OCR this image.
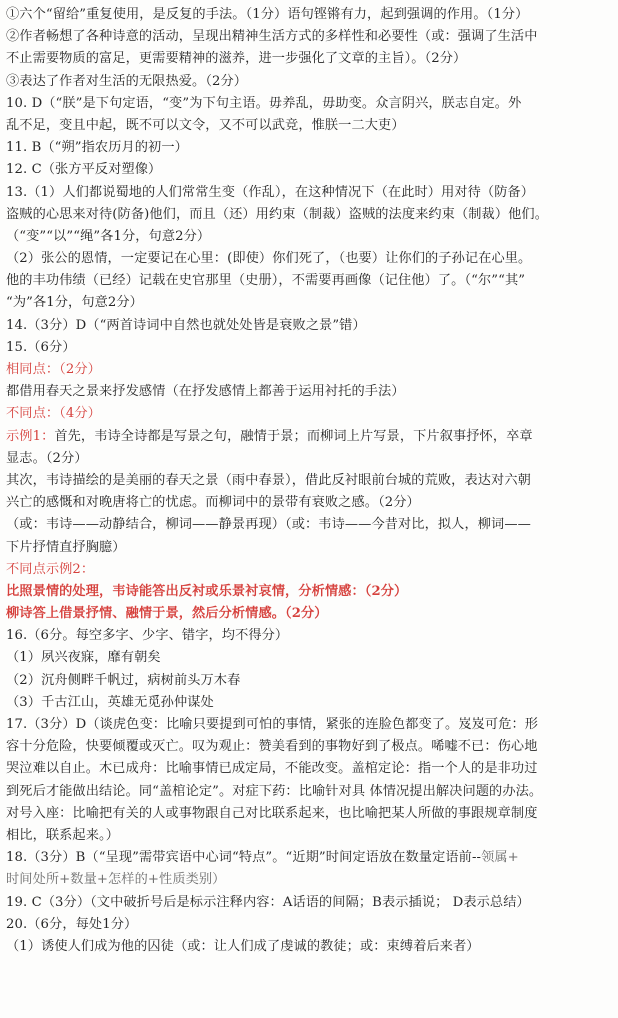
①六个“留给”重复使用，是反复的手法。（1分）语句铿锵有力，起到强调的作用。（1分）
②作者畅想了各种诗意的活动，呈现出精神生活方式的多样性和必要性（或：强调了生活中
不止需要物质的富足，更需要精神的滋养，进一步强化了文章的主旨）。（2分）
③表达了作者对生活的无限热爱。（2分）
10. D（“朕”是下句定语，“变”为下句主语。毋养乱，毋助变。众言阴兴，朕志自定。外
乱不足，变且中起，既不可以文令，又不可以武竞，惟朕一二大吏）
11. B（“朔”指农历月的初一）
12. C（张方平反对塑像）
13.（1）人们都说蜀地的人们常常生变（作乱），在这种情况下（在此时）用对待（防备）
盗贼的心思来对待(防备)他们，而且（还）用约束（制裁）盗贼的法度来约束（制裁）他们。
（“变”“以”“绳”各1分，句意2分）
（2）张公的恩情，一定要记在心里：(即使）你们死了，（也要）让你们的子孙记在心里。
他的丰功伟绩（已经）记载在史官那里（史册），不需要再画像（记住他）了。（“尔”“其”
“为”各1分，句意2分）
14.（3分）D（“两首诗词中自然也就处处皆是衰败之景”错）
15.（6分）
相同点：（2分）
都借用春天之景来抒发感情（在抒发感情上都善于运用衬托的手法）
不同点：（4分）
示例1：首先，韦诗全诗都是写景之句，融情于景；而柳词上片写景，下片叙事抒怀，卒章
显志。（2分）
其次，韦诗描绘的是美丽的春天之景（雨中春景），借此反衬眼前台城的荒败，表达对六朝
兴亡的感慨和对晚唐将亡的忧虑。而柳词中的景带有衰败之感。（2分）
（或：韦诗——动静结合，柳词——静景再现）（或：韦诗——今昔对比，拟人，柳词——
下片抒情直抒胸臆）
不同点示例2：
比照景情的处理，韦诗能答出反衬或乐景衬哀情，分析情感：（2分）
柳诗答上借景抒情、融情于景，然后分析情感。（2分）
16.（6分。每空多字、少字、错字，均不得分）
（1）夙兴夜寐，靡有朝矣
（2）沉舟侧畔千帆过，病树前头万木春
（3）千古江山，英雄无觅孙仲谋处
17.（3分）D（谈虎色变：比喻只要提到可怕的事情，紧张的连脸色都变了。岌岌可危：形
容十分危险，快要倾覆或灭亡。叹为观止：赞美看到的事物好到了极点。唏嘘不已：伤心地
哭泣难以自止。木已成舟：比喻事情已成定局，不能改变。盖棺定论：指一个人的是非功过
到死后才能做出结论。同“盖棺论定”。对症下药：比喻针对具 体情况提出解决问题的办法。
对号入座：比喻把有关的人或事物跟自己对比联系起来，也比喻把某人所做的事跟规章制度
相比，联系起来。）
18.（3分）B（“呈现”需带宾语中心词“特点”。“近期”时间定语放在数量定语前--领属+
时间处所+数量+怎样的+性质类别）
19. C（3分）（文中破折号后是标示注释内容：A话语的间隔；B表示插说； D表示总结）
20.（6分，每处1分）
（1）诱使人们成为他的囚徒（或：让人们成了虔诚的教徒；或：束缚着后来者）
